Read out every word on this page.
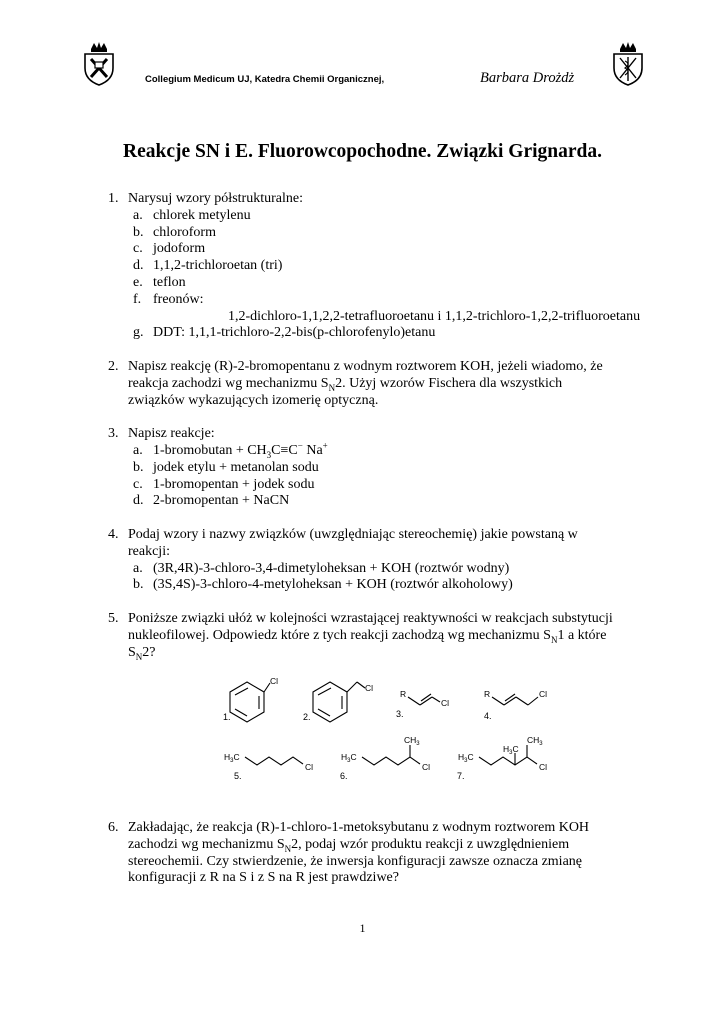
Collegium Medicum UJ, Katedra Chemii Organicznej,	Barbara Drożdż
Reakcje SN i E. Fluorowcopochodne. Związki Grignarda.
1. Narysuj wzory półstrukturalne:
a. chlorek metylenu
b. chloroform
c. jodoform
d. 1,1,2-trichloroetan (tri)
e. teflon
f. freonów:
1,2-dichloro-1,1,2,2-tetrafluoroetanu i 1,1,2-trichloro-1,2,2-trifluoroetanu
g. DDT: 1,1,1-trichloro-2,2-bis(p-chlorofenylo)etanu
2. Napisz reakcję (R)-2-bromopentanu z wodnym roztworem KOH, jeżeli wiadomo, że
reakcja zachodzi wg mechanizmu $S_N2$. Użyj wzorów Fischera dla wszystkich
związków wykazujących izomerię optyczną.
3. Napisz reakcje:
a. 1-bromobutan + $CH_3C\equiv C^-$ Na+
b. jodek etylu + metanolan sodu
c. 1-bromopentan + jodek sodu
d. 2-bromopentan + NaCN
4. Podaj wzory i nazwy związków (uwzględniając stereochemię) jakie powstaną w
reakcji:
a. (3R,4R)-3-chloro-3,4-dimetyloheksan + KOH (roztwór wodny)
b. (3S,4S)-3-chloro-4-metyloheksan + KOH (roztwór alkoholowy)
5. Poniższe związki ułóż w kolejności wzrastającej reaktywności w reakcjach substytucji
nukleofilowej. Odpowiedz które z tych reakcji zachodzą wg mechanizmu $S_N1$ a które
$S_N2$?
Cl
Cl
R
Cl
R	Cl
$H_3C$
Cl
$H_3C$
$CH_3$
Cl
$H_3C$
$H_3C$
$CH_3$
Cl
1.	2.	3.	4.
5.	6.	7.
6. Zakładając, że reakcja (R)-1-chloro-1-metoksybutanu z wodnym roztworem KOH
zachodzi wg mechanizmu $S_N2$, podaj wzór produktu reakcji z uwzględnieniem
stereochemii. Czy stwierdzenie, że inwersja konfiguracji zawsze oznacza zmianę
konfiguracji z R na S i z S na R jest prawdziwe?
1
